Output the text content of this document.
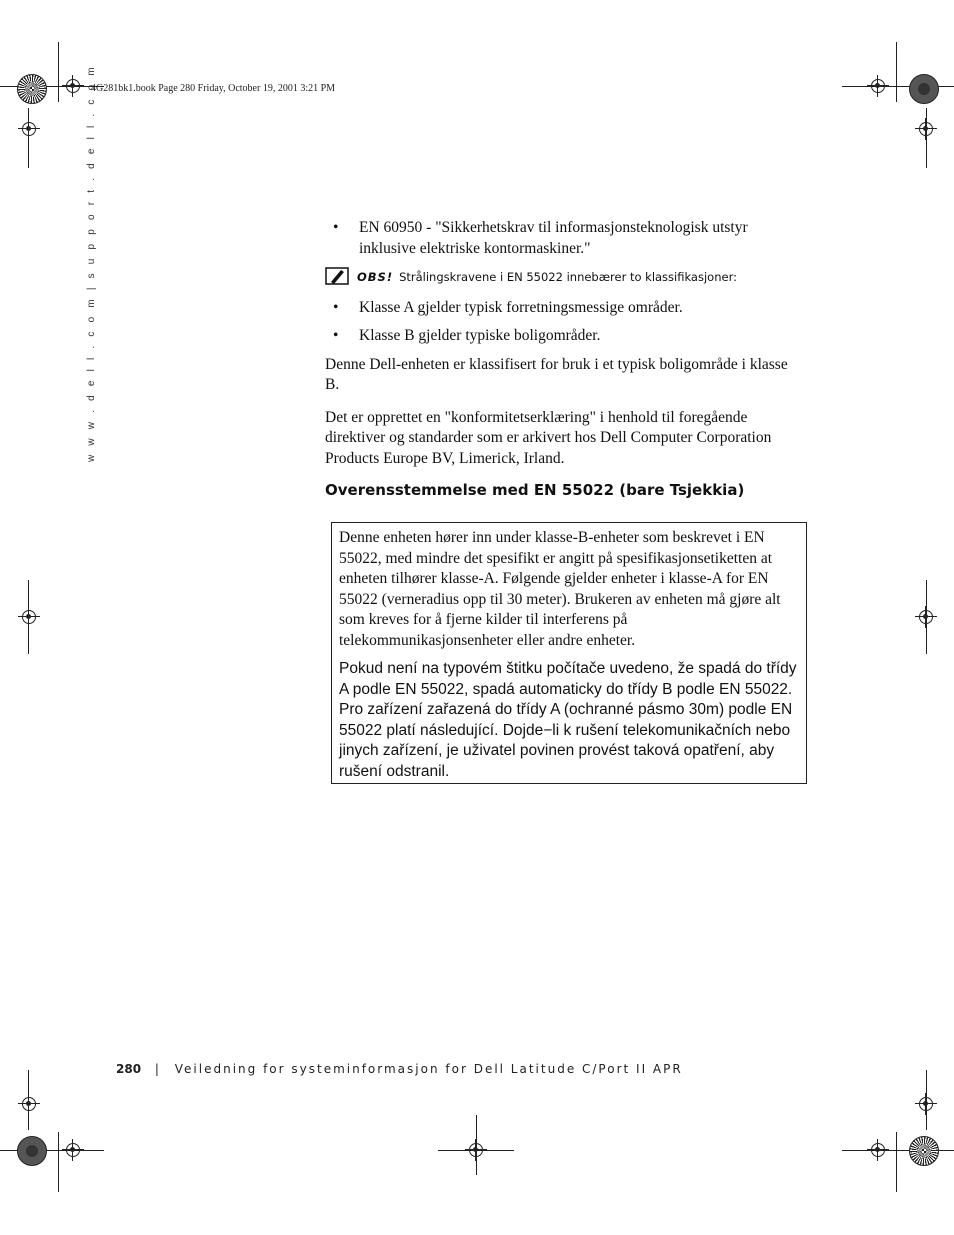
4G281bk1.book Page 280 Friday, October 19, 2001 3:21 PM
w w w . d e l l . c o m | s u p p o r t . d e l l . c o m	•	EN 60950 - "Sikkerhetskrav til informasjonsteknologisk utstyr inklusive elektriske kontormaskiner."
OBS! Strålingskravene i EN 55022 innebærer to klassifikasjoner:
•	Klasse A gjelder typisk forretningsmessige områder.
•	Klasse B gjelder typiske boligområder.
Denne Dell-enheten er klassifisert for bruk i et typisk boligområde i klasse B.
Det er opprettet en "konformitetserklæring" i henhold til foregående direktiver og standarder som er arkivert hos Dell Computer Corporation Products Europe BV, Limerick, Irland.
Overensstemmelse med EN 55022 (bare Tsjekkia)
Denne enheten hører inn under klasse-B-enheter som beskrevet i EN 55022, med mindre det spesifikt er angitt på spesifikasjonsetiketten at enheten tilhører klasse-A. Følgende gjelder enheter i klasse-A for EN 55022 (verneradius opp til 30 meter). Brukeren av enheten må gjøre alt som kreves for å fjerne kilder til interferens på telekommunikasjonsenheter eller andre enheter.
Pokud není na typovém štitku počítače uvedeno, že spadá do třídy A podle EN 55022, spadá automaticky do třídy B podle EN 55022. Pro zařízení zařazená do třídy A (ochranné pásmo 30m) podle EN 55022 platí následující. Dojde−li k rušení telekomunikačních nebo jinych zařízení, je uživatel povinen provést taková opatření, aby rušení odstranil.
280 | Veiledning for systeminformasjon for Dell Latitude C/Port II APR
